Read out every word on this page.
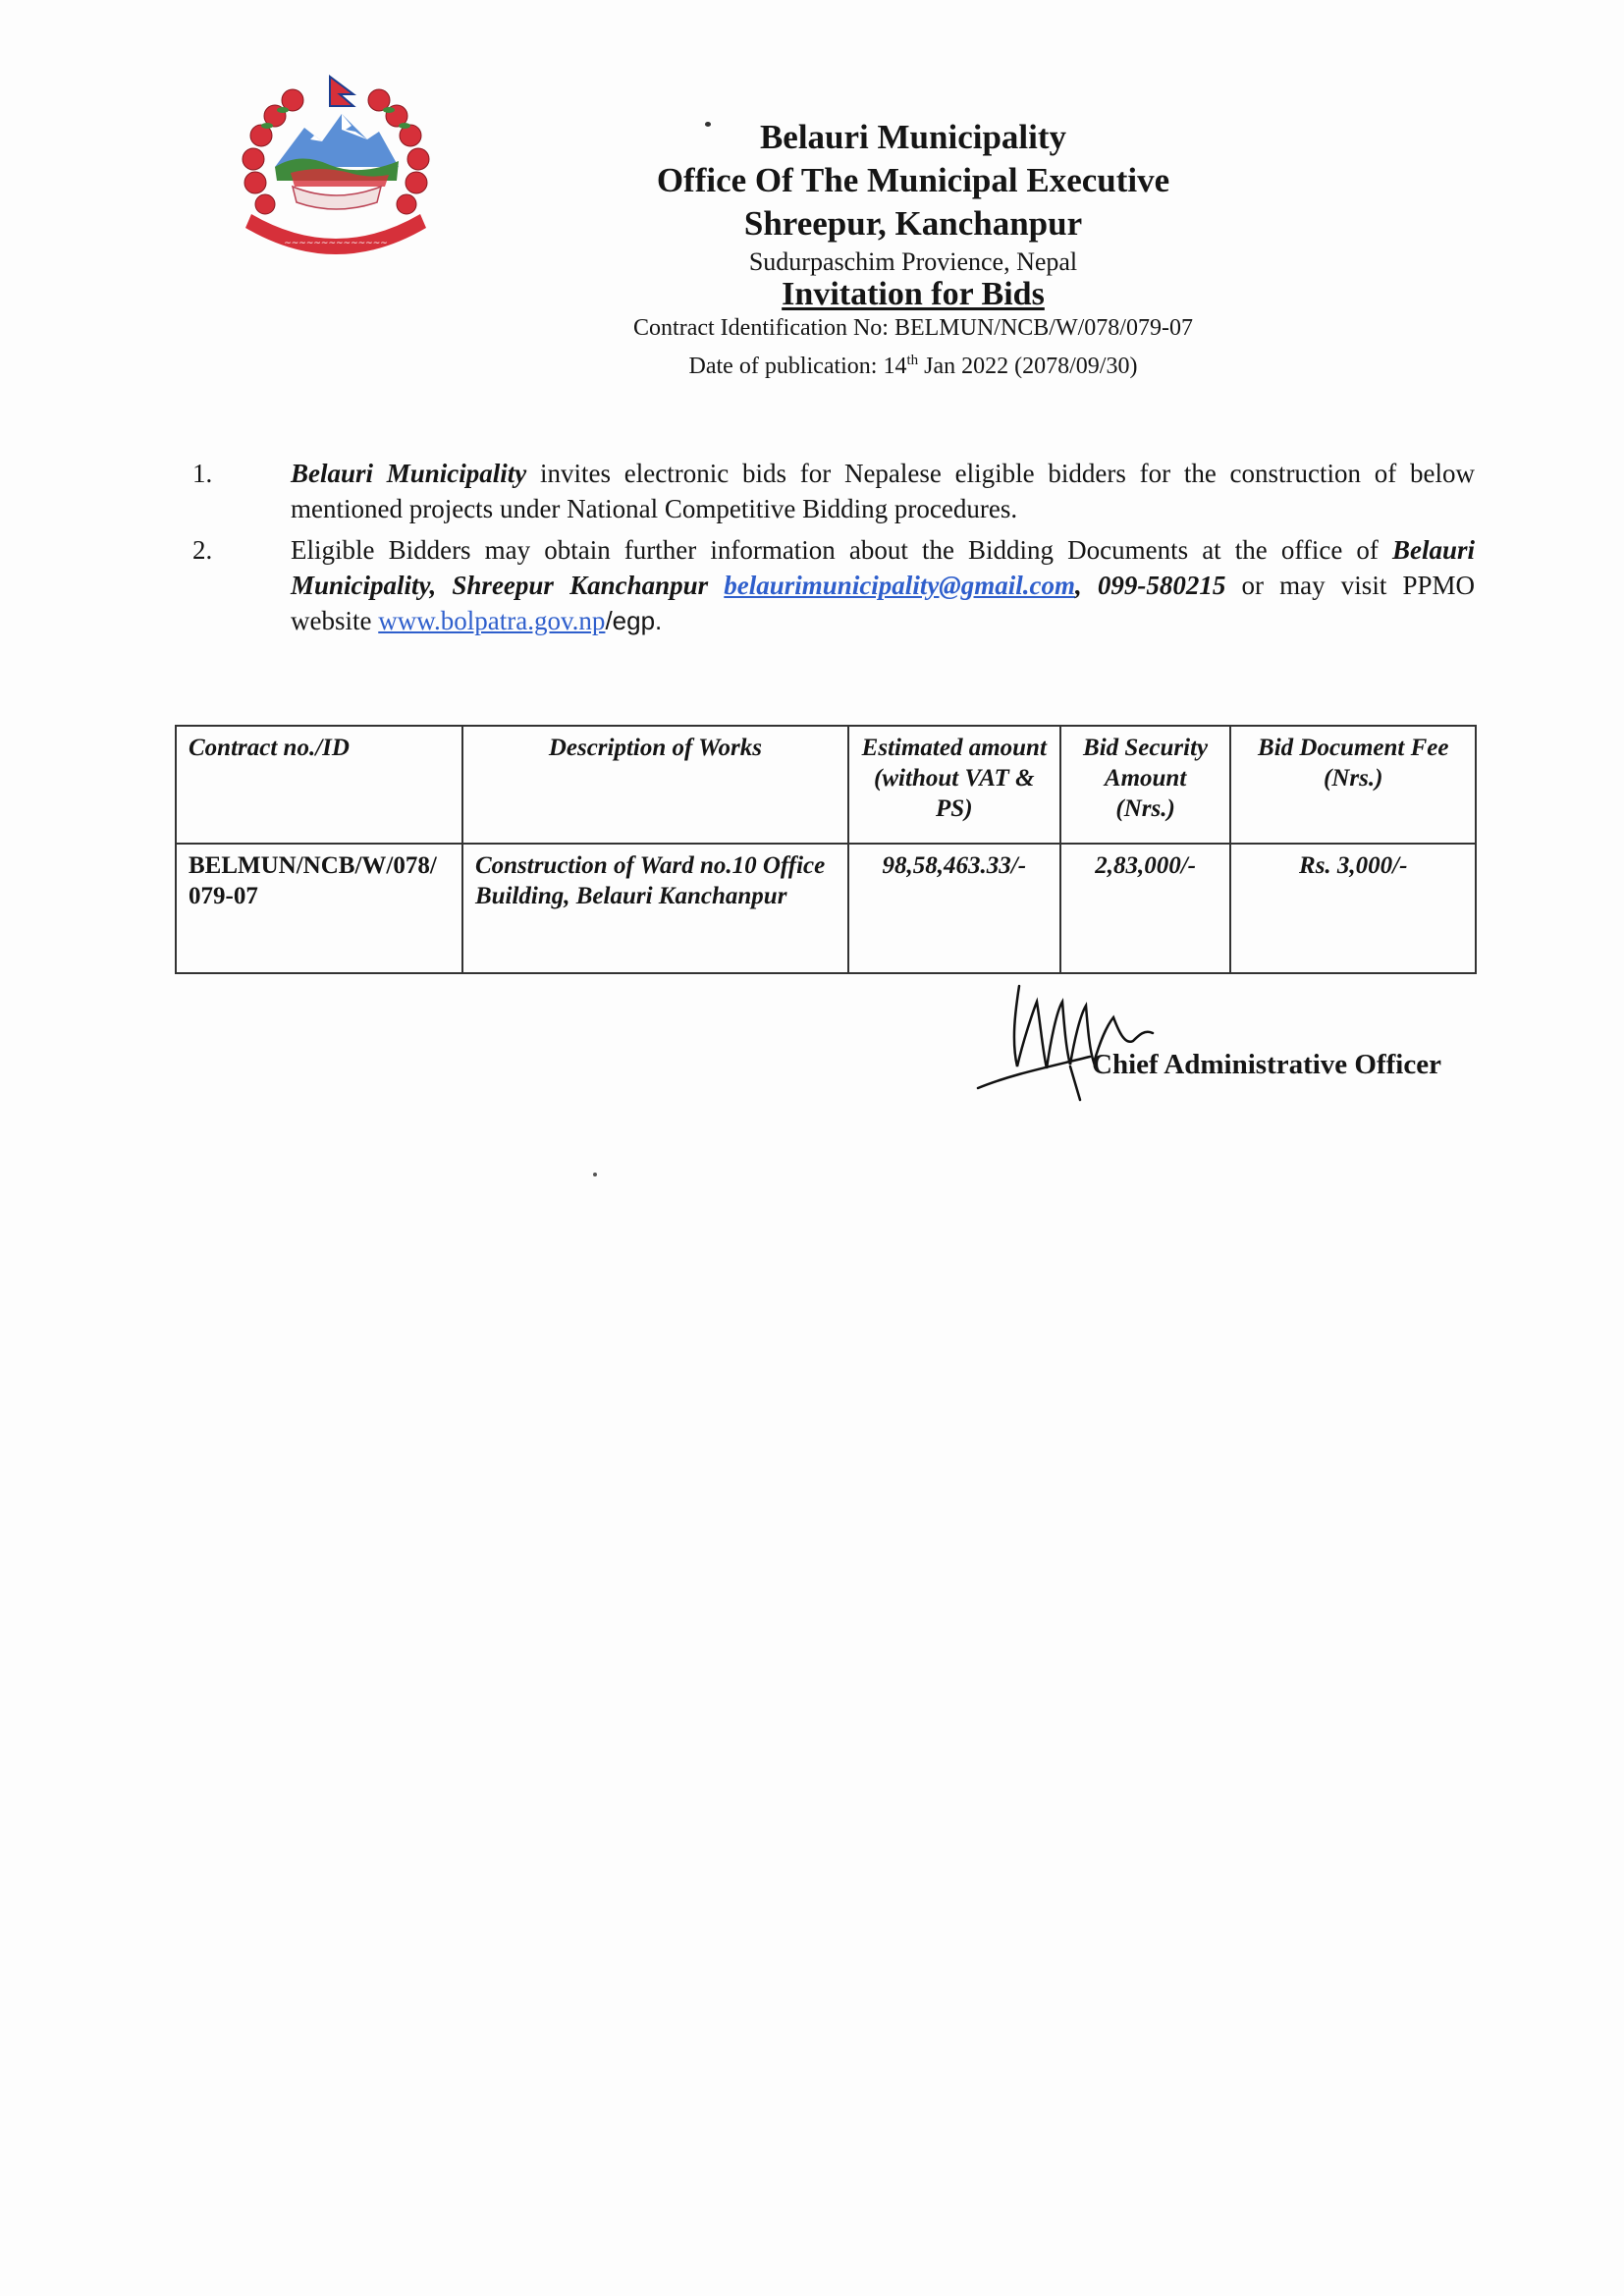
~~~~~~~~~~~~~~
Belauri Municipality
Office Of The Municipal Executive
Shreepur, Kanchanpur
Sudurpaschim Provience, Nepal
Invitation for Bids
Contract Identification No: BELMUN/NCB/W/078/079-07
Date of publication: 14th Jan 2022 (2078/09/30)
1.	Belauri Municipality invites electronic bids for Nepalese eligible bidders for the construction of below mentioned projects under National Competitive Bidding procedures.
2.	Eligible Bidders may obtain further information about the Bidding Documents at the office of Belauri Municipality, Shreepur Kanchanpur belaurimunicipality@gmail.com, 099-580215 or may visit PPMO website www.bolpatra.gov.np/egp.
Contract no./ID	Description of Works	Estimated amount (without VAT & PS)	Bid Security Amount (Nrs.)	Bid Document Fee (Nrs.)
BELMUN/NCB/W/078/ 079-07	Construction of Ward no.10 Office Building, Belauri Kanchanpur	98,58,463.33/-	2,83,000/-	Rs. 3,000/-
Chief Administrative Officer
